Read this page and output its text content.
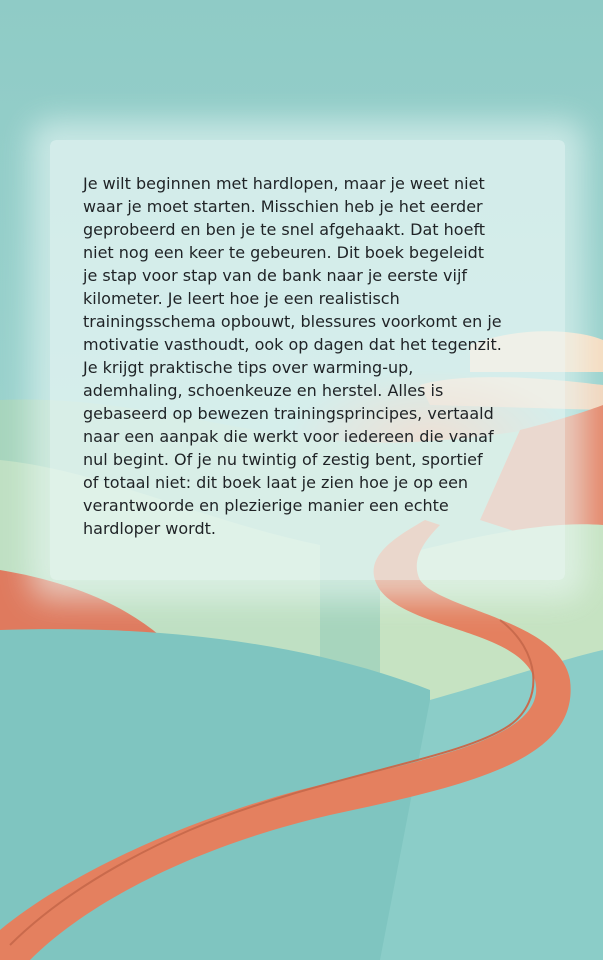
Je wilt beginnen met hardlopen, maar je weet niet
waar je moet starten. Misschien heb je het eerder
geprobeerd en ben je te snel afgehaakt. Dat hoeft
niet nog een keer te gebeuren. Dit boek begeleidt
je stap voor stap van de bank naar je eerste vijf
kilometer. Je leert hoe je een realistisch
trainingsschema opbouwt, blessures voorkomt en je
motivatie vasthoudt, ook op dagen dat het tegenzit.
Je krijgt praktische tips over warming-up,
ademhaling, schoenkeuze en herstel. Alles is
gebaseerd op bewezen trainingsprincipes, vertaald
naar een aanpak die werkt voor iedereen die vanaf
nul begint. Of je nu twintig of zestig bent, sportief
of totaal niet: dit boek laat je zien hoe je op een
verantwoorde en plezierige manier een echte
hardloper wordt.
